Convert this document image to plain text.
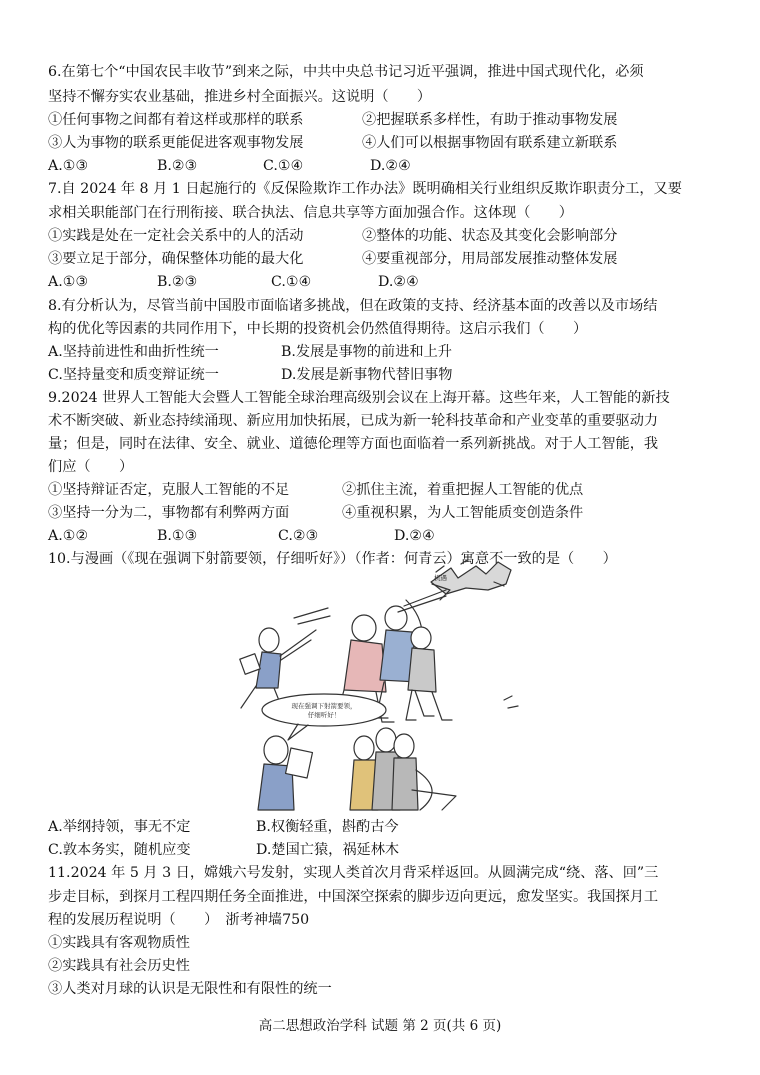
6.在第七个“中国农民丰收节”到来之际，中共中央总书记习近平强调，推进中国式现代化，必须
坚持不懈夯实农业基础，推进乡村全面振兴。这说明（　　）
①任何事物之间都有着这样或那样的联系	②把握联系多样性，有助于推动事物发展
③人为事物的联系更能促进客观事物发展	④人们可以根据事物固有联系建立新联系
A.①③	B.②③	C.①④	D.②④
7.自 2024 年 8 月 1 日起施行的《反保险欺诈工作办法》既明确相关行业组织反欺诈职责分工，又要
求相关职能部门在行刑衔接、联合执法、信息共享等方面加强合作。这体现（　　）
①实践是处在一定社会关系中的人的活动	②整体的功能、状态及其变化会影响部分
③要立足于部分，确保整体功能的最大化	④要重视部分，用局部发展推动整体发展
A.①③	B.②③	C.①④	D.②④
8.有分析认为，尽管当前中国股市面临诸多挑战，但在政策的支持、经济基本面的改善以及市场结
构的优化等因素的共同作用下，中长期的投资机会仍然值得期待。这启示我们（　　）
A.坚持前进性和曲折性统一	B.发展是事物的前进和上升
C.坚持量变和质变辩证统一	D.发展是新事物代替旧事物
9.2024 世界人工智能大会暨人工智能全球治理高级别会议在上海开幕。这些年来，人工智能的新技
术不断突破、新业态持续涌现、新应用加快拓展，已成为新一轮科技革命和产业变革的重要驱动力
量；但是，同时在法律、安全、就业、道德伦理等方面也面临着一系列新挑战。对于人工智能，我
们应（　　）
①坚持辩证否定，克服人工智能的不足	②抓住主流，着重把握人工智能的优点
③坚持一分为二，事物都有利弊两方面	④重视积累，为人工智能质变创造条件
A.①②	B.①③	C.②③	D.②④
10.与漫画（《现在强调下射箭要领，仔细听好》）（作者：何青云）寓意不一致的是（　　）
机遇
现在强调下射箭要领，
仔细听好！
A.举纲持领，事无不定	B.权衡轻重，斟酌古今
C.敦本务实，随机应变	D.楚国亡猿，祸延林木
11.2024 年 5 月 3 日，嫦娥六号发射，实现人类首次月背采样返回。从圆满完成“绕、落、回”三
步走目标，到探月工程四期任务全面推进，中国深空探索的脚步迈向更远，愈发坚实。我国探月工
程的发展历程说明（　　）　浙考神墙750
①实践具有客观物质性
②实践具有社会历史性
③人类对月球的认识是无限性和有限性的统一
高二思想政治学科 试题 第 2 页(共 6 页)
